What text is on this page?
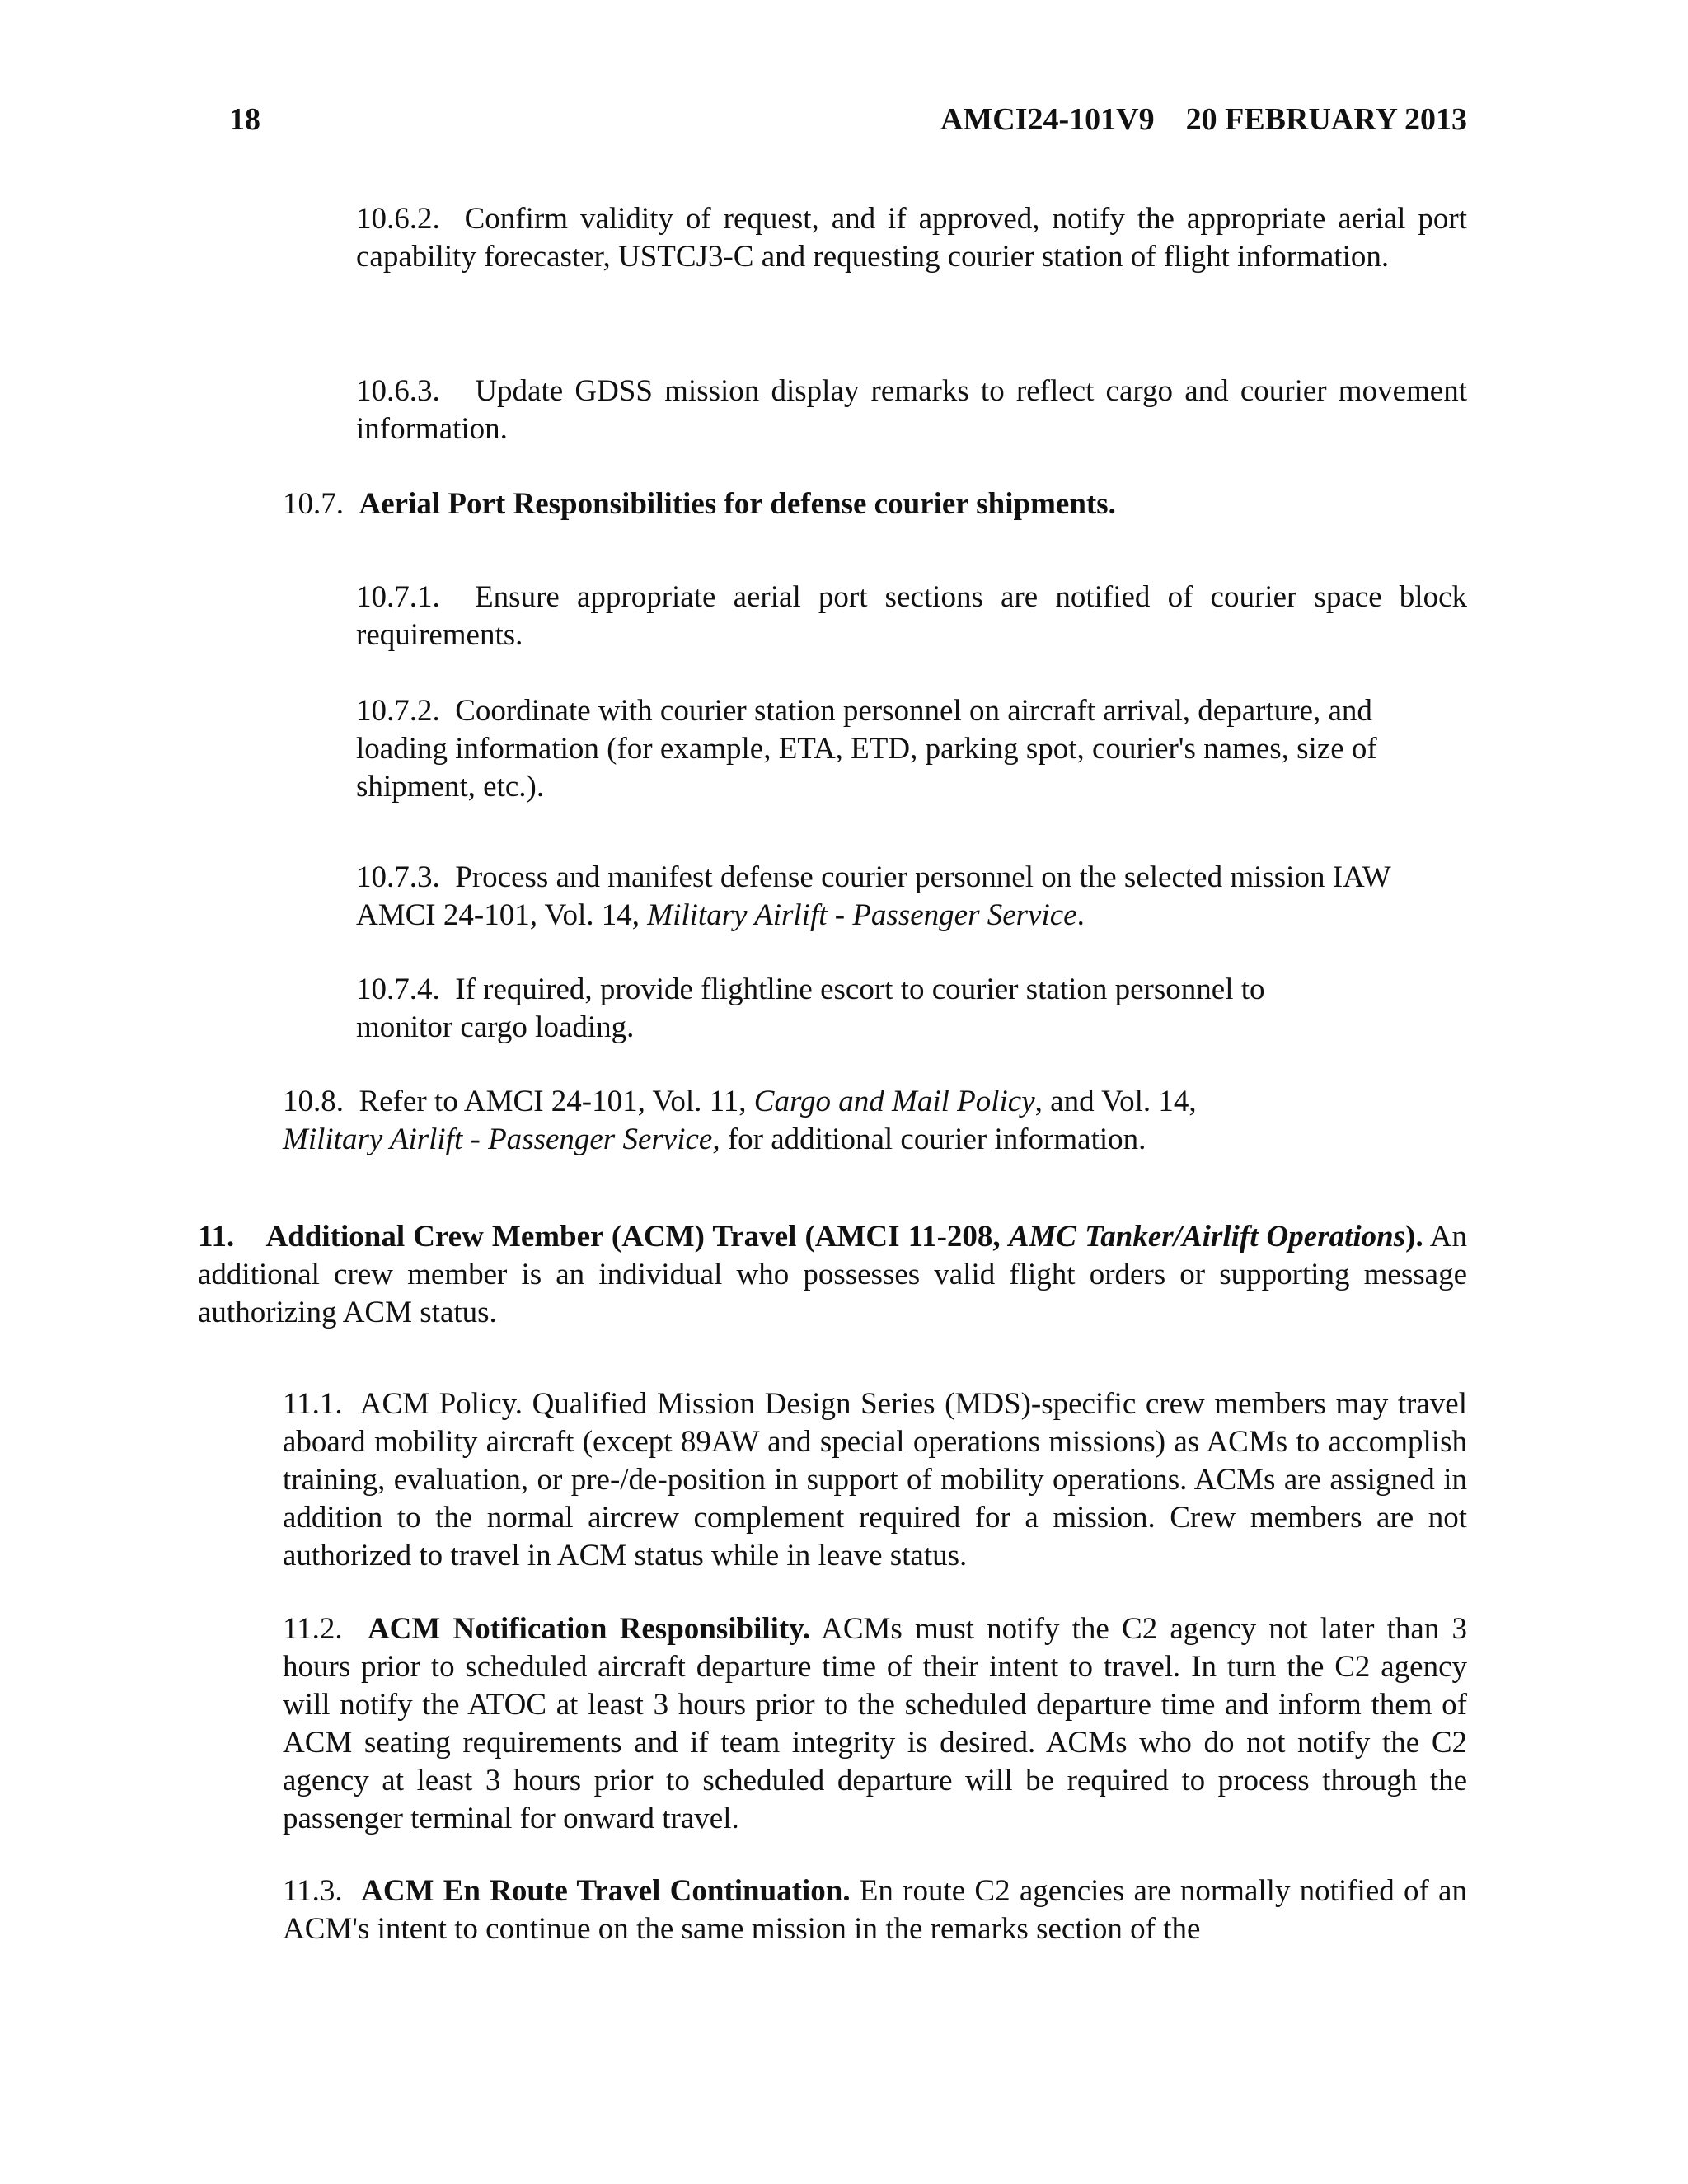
18	AMCI24-101V9    20 FEBRUARY 2013
10.6.2.  Confirm validity of request, and if approved, notify the appropriate aerial port capability forecaster, USTCJ3-C and requesting courier station of flight information.
10.6.3.   Update GDSS mission display remarks to reflect cargo and courier movement information.
10.7.  Aerial Port Responsibilities for defense courier shipments.
10.7.1.  Ensure appropriate aerial port sections are notified of courier space block requirements.
10.7.2.  Coordinate with courier station personnel on aircraft arrival, departure, and loading information (for example, ETA, ETD, parking spot, courier's names, size of shipment, etc.).
10.7.3.  Process and manifest defense courier personnel on the selected mission IAW AMCI 24-101, Vol. 14, Military Airlift - Passenger Service.
10.7.4.  If required, provide flightline escort to courier station personnel to
monitor cargo loading.
10.8.  Refer to AMCI 24-101, Vol. 11, Cargo and Mail Policy, and Vol. 14,
Military Airlift - Passenger Service, for additional courier information.
11.    Additional Crew Member (ACM) Travel (AMCI 11-208, AMC Tanker/Airlift Operations). An additional crew member is an individual who possesses valid flight orders or supporting message authorizing ACM status.
11.1.  ACM Policy. Qualified Mission Design Series (MDS)-specific crew members may travel aboard mobility aircraft (except 89AW and special operations missions) as ACMs to accomplish training, evaluation, or pre-/de-position in support of mobility operations. ACMs are assigned in addition to the normal aircrew complement required for a mission. Crew members are not authorized to travel in ACM status while in leave status.
11.2.  ACM Notification Responsibility. ACMs must notify the C2 agency not later than 3 hours prior to scheduled aircraft departure time of their intent to travel. In turn the C2 agency will notify the ATOC at least 3 hours prior to the scheduled departure time and inform them of ACM seating requirements and if team integrity is desired. ACMs who do not notify the C2 agency at least 3 hours prior to scheduled departure will be required to process through the passenger terminal for onward travel.
11.3.  ACM En Route Travel Continuation. En route C2 agencies are normally notified of an ACM's intent to continue on the same mission in the remarks section of the
